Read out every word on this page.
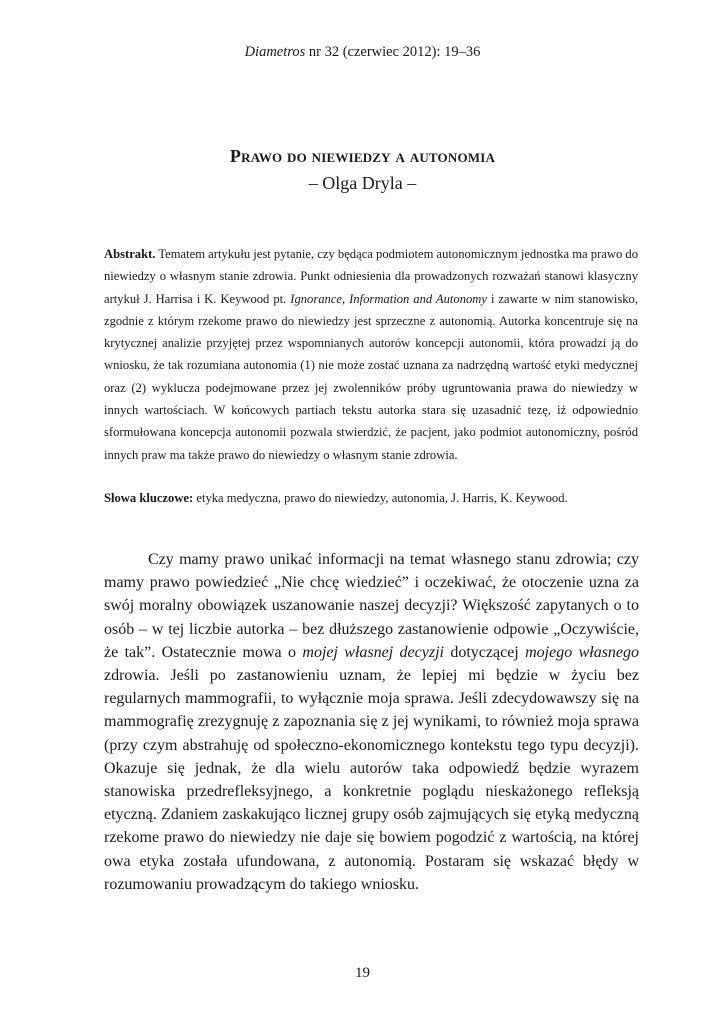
Diametros nr 32 (czerwiec 2012): 19–36
Prawo do niewiedzy a autonomia
– Olga Dryla –

Abstrakt. Tematem artykułu jest pytanie, czy będąca podmiotem autonomicznym jednostka ma prawo do niewiedzy o własnym stanie zdrowia. Punkt odniesienia dla prowadzonych rozważań stanowi klasyczny artykuł J. Harrisa i K. Keywood pt. Ignorance, Information and Autonomy i zawarte w nim stanowisko, zgodnie z którym rzekome prawo do niewiedzy jest sprzeczne z autonomią. Autorka koncentruje się na krytycznej analizie przyjętej przez wspomnianych autorów koncepcji autonomii, która prowadzi ją do wniosku, że tak rozumiana autonomia (1) nie może zostać uznana za nadrzędną wartość etyki medycznej oraz (2) wyklucza podejmowane przez jej zwolenników próby ugruntowania prawa do niewiedzy w innych wartościach. W końcowych partiach tekstu autorka stara się uzasadnić tezę, iż odpowiednio sformułowana koncepcja autonomii pozwala stwierdzić, że pacjent, jako podmiot autonomiczny, pośród innych praw ma także prawo do niewiedzy o własnym stanie zdrowia.

Słowa kluczowe: etyka medyczna, prawo do niewiedzy, autonomia, J. Harris, K. Keywood.

Czy mamy prawo unikać informacji na temat własnego stanu zdrowia; czy mamy prawo powiedzieć „Nie chcę wiedzieć” i oczekiwać, że otoczenie uzna za swój moralny obowiązek uszanowanie naszej decyzji? Większość zapytanych o to osób – w tej liczbie autorka – bez dłuższego zastanowienie odpowie „Oczywiście, że tak”. Ostatecznie mowa o mojej własnej decyzji dotyczącej mojego własnego zdrowia. Jeśli po zastanowieniu uznam, że lepiej mi będzie w życiu bez regularnych mammografii, to wyłącznie moja sprawa. Jeśli zdecydowawszy się na mammografię zrezygnuję z zapoznania się z jej wynikami, to również moja sprawa (przy czym abstrahuję od społeczno-ekonomicznego kontekstu tego typu decyzji). Okazuje się jednak, że dla wielu autorów taka odpowiedź będzie wyrazem stanowiska przedrefleksyjnego, a konkretnie poglądu nieskażonego refleksją etyczną. Zdaniem zaskakująco licznej grupy osób zajmujących się etyką medyczną rzekome prawo do niewiedzy nie daje się bowiem pogodzić z wartością, na której owa etyka została ufundowana, z autonomią. Postaram się wskazać błędy w rozumowaniu prowadzącym do takiego wniosku.

19
